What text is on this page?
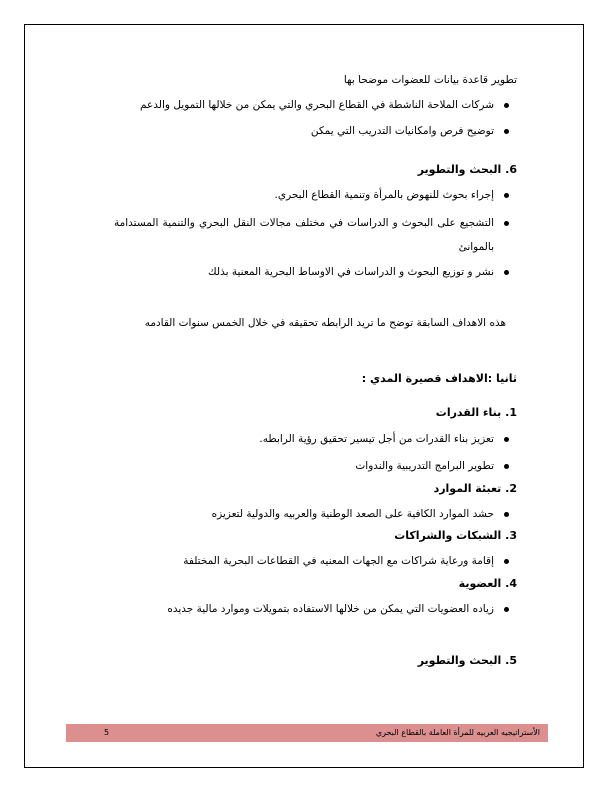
تطوير قاعدة بيانات للعضوات موضحا بها
شركات الملاحة الناشطة في القطاع البحري والتي يمكن من خلالها التمويل والدعم
توضيح فرص وامكانيات التدريب التي يمكن
6. البحث والتطوير
إجراء بحوث للنهوض بالمرأة وتنمية القطاع البحري.
التشجيع على البحوث و الدراسات في مختلف مجالات النقل البحري والتنمية المستدامة
بالموانئ
نشر و توزيع البحوث و الدراسات في الاوساط البحرية المعنية بذلك
هذه الاهداف السابقة توضح ما تريد الرابطه تحقيقه في خلال الخمس سنوات القادمه
ثانيا :الاهداف قصيرة المدي :
1. بناء القدرات
تعزيز بناء القدرات من أجل تيسير تحقيق رؤية الرابطه.
تطوير البرامج التدريبية والندوات
2. تعبئة الموارد
حشد الموارد الكافية على الصعد الوطنية والعربيه والدولية لتعزيزه
3. الشبكات والشراكات
إقامة ورعاية شراكات مع الجهات المعنيه في القطاعات البحرية المختلفة
4. العضوية
زياده العضويات التي يمكن من خلالها الاستفاده بتمويلات وموارد مالية جديده
5. البحث والتطوير
الأستراتيجيه العربيه للمرأة العاملة بالقطاع البحري
5
